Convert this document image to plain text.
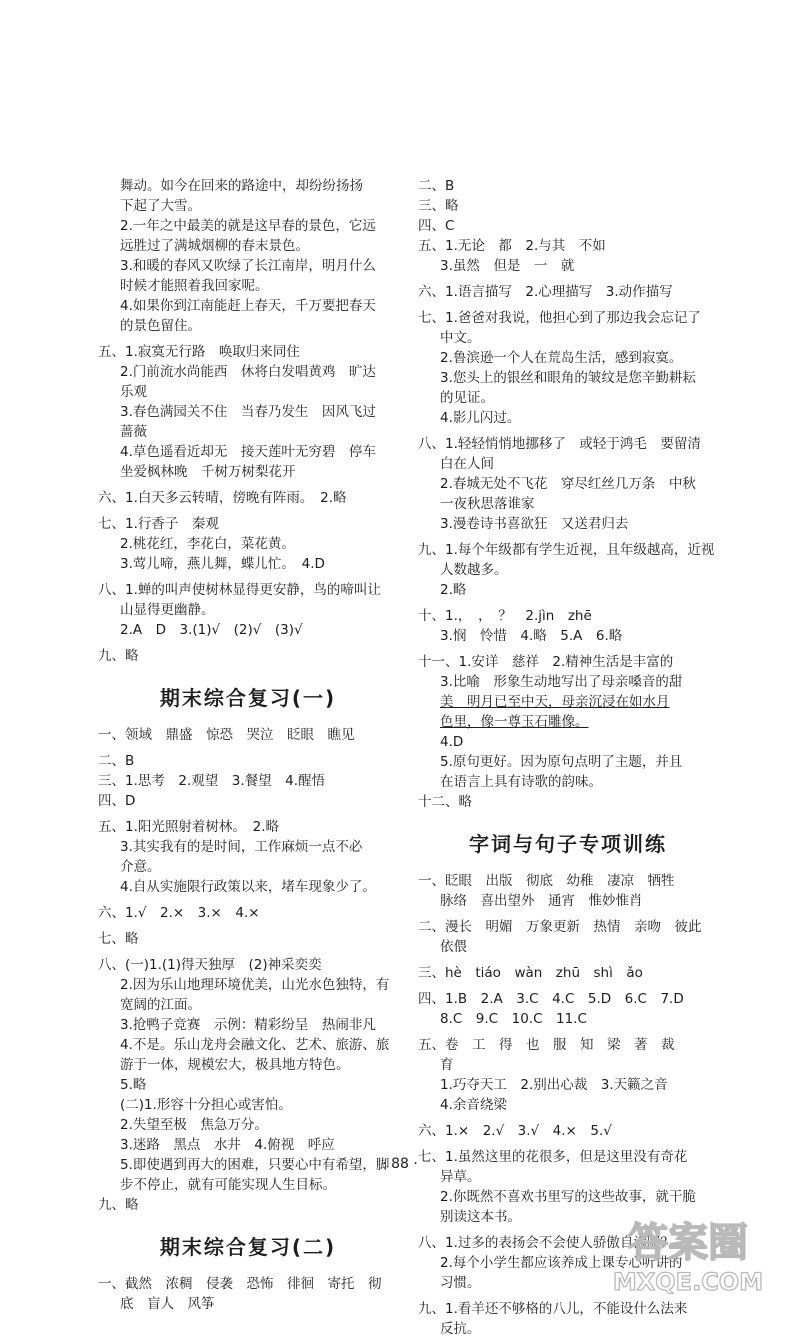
舞动。如今在回来的路途中，却纷纷扬扬

下起了大雪。

2.一年之中最美的就是这早春的景色，它远

远胜过了满城烟柳的春末景色。

3.和暖的春风又吹绿了长江南岸，明月什么

时候才能照着我回家呢。

4.如果你到江南能赶上春天，千万要把春天

的景色留住。

五、1.寂寞无行路　唤取归来同住

2.门前流水尚能西　休将白发唱黄鸡　旷达

乐观

3.春色满园关不住　当春乃发生　因风飞过

蔷薇

4.草色遥看近却无　接天莲叶无穷碧　停车

坐爱枫林晚　千树万树梨花开

六、1.白天多云转晴，傍晚有阵雨。　2.略

七、1.行香子　秦观

2.桃花红，李花白，菜花黄。

3.莺儿啼，燕儿舞，蝶儿忙。　4.D

八、1.蝉的叫声使树林显得更安静，鸟的啼叫让

山显得更幽静。

2.A　D　3.(1)√　(2)√　(3)√

九、略

期末综合复习(一)

一、领域　鼎盛　惊恐　哭泣　眨眼　瞧见

二、B

三、1.思考　2.观望　3.餐望　4.醒悟

四、D

五、1.阳光照射着树林。　2.略

3.其实我有的是时间，工作麻烦一点不必

介意。

4.自从实施限行政策以来，堵车现象少了。

六、1.√　2.×　3.×　4.×

七、略

八、(一)1.(1)得天独厚　(2)神采奕奕

2.因为乐山地理环境优美，山光水色独特，有

宽阔的江面。

3.抢鸭子竞赛　示例：精彩纷呈　热闹非凡

4.不是。乐山龙舟会融文化、艺术、旅游、旅

游于一体，规模宏大，极具地方特色。

5.略

(二)1.形容十分担心或害怕。

2.失望至极　焦急万分。

3.迷路　黑点　水井　4.俯视　呼应

5.即使遇到再大的困难，只要心中有希望，脚

步不停止，就有可能实现人生目标。

九、略

期末综合复习(二)

一、截然　浓稠　侵袭　恐怖　徘徊　寄托　彻

底　盲人　风筝

二、B

三、略

四、C

五、1.无论　都　2.与其　不如

3.虽然　但是　一　就

六、1.语言描写　2.心理描写　3.动作描写

七、1.爸爸对我说，他担心到了那边我会忘记了

中文。

2.鲁滨逊一个人在荒岛生活，感到寂寞。

3.您头上的银丝和眼角的皱纹是您辛勤耕耘

的见证。

4.影儿闪过。

八、1.轻轻悄悄地挪移了　或轻于鸿毛　要留清

白在人间

2.春城无处不飞花　穿尽红丝几万条　中秋

一夜秋思落谁家

3.漫卷诗书喜欲狂　又送君归去

九、1.每个年级都有学生近视，且年级越高，近视

人数越多。

2.略

十、1.，　，　？　2.jìn　zhē

3.悯　怜惜　4.略　5.A　6.略

十一、1.安详　慈祥　2.精神生活是丰富的

3.比喻　形象生动地写出了母亲嗓音的甜

美　明月已至中天，母亲沉浸在如水月

色里，像一尊玉石雕像。

4.D

5.原句更好。因为原句点明了主题，并且

在语言上具有诗歌的韵味。

十二、略

字词与句子专项训练

一、眨眼　出版　彻底　幼稚　凄凉　牺牲

脉络　喜出望外　通宵　惟妙惟肖

二、漫长　明媚　万象更新　热情　亲吻　彼此

依偎

三、hè　tiáo　wàn　zhū　shì　ǎo

四、1.B　2.A　3.C　4.C　5.D　6.C　7.D

8.C　9.C　10.C　11.C

五、卷　工　得　也　服　知　梁　著　裁

育

1.巧夺天工　2.别出心裁　3.天籁之音

4.余音绕梁

六、1.×　2.√　3.√　4.×　5.√

七、1.虽然这里的花很多，但是这里没有奇花

异草。

2.你既然不喜欢书里写的这些故事，就干脆

别读这本书。

八、1.过多的表扬会不会使人骄傲自满呢？

2.每个小学生都应该养成上课专心听讲的

习惯。

九、1.看羊还不够格的八儿，不能设什么法来

反抗。

· 88 ·
答案圈
MXQE.COM
